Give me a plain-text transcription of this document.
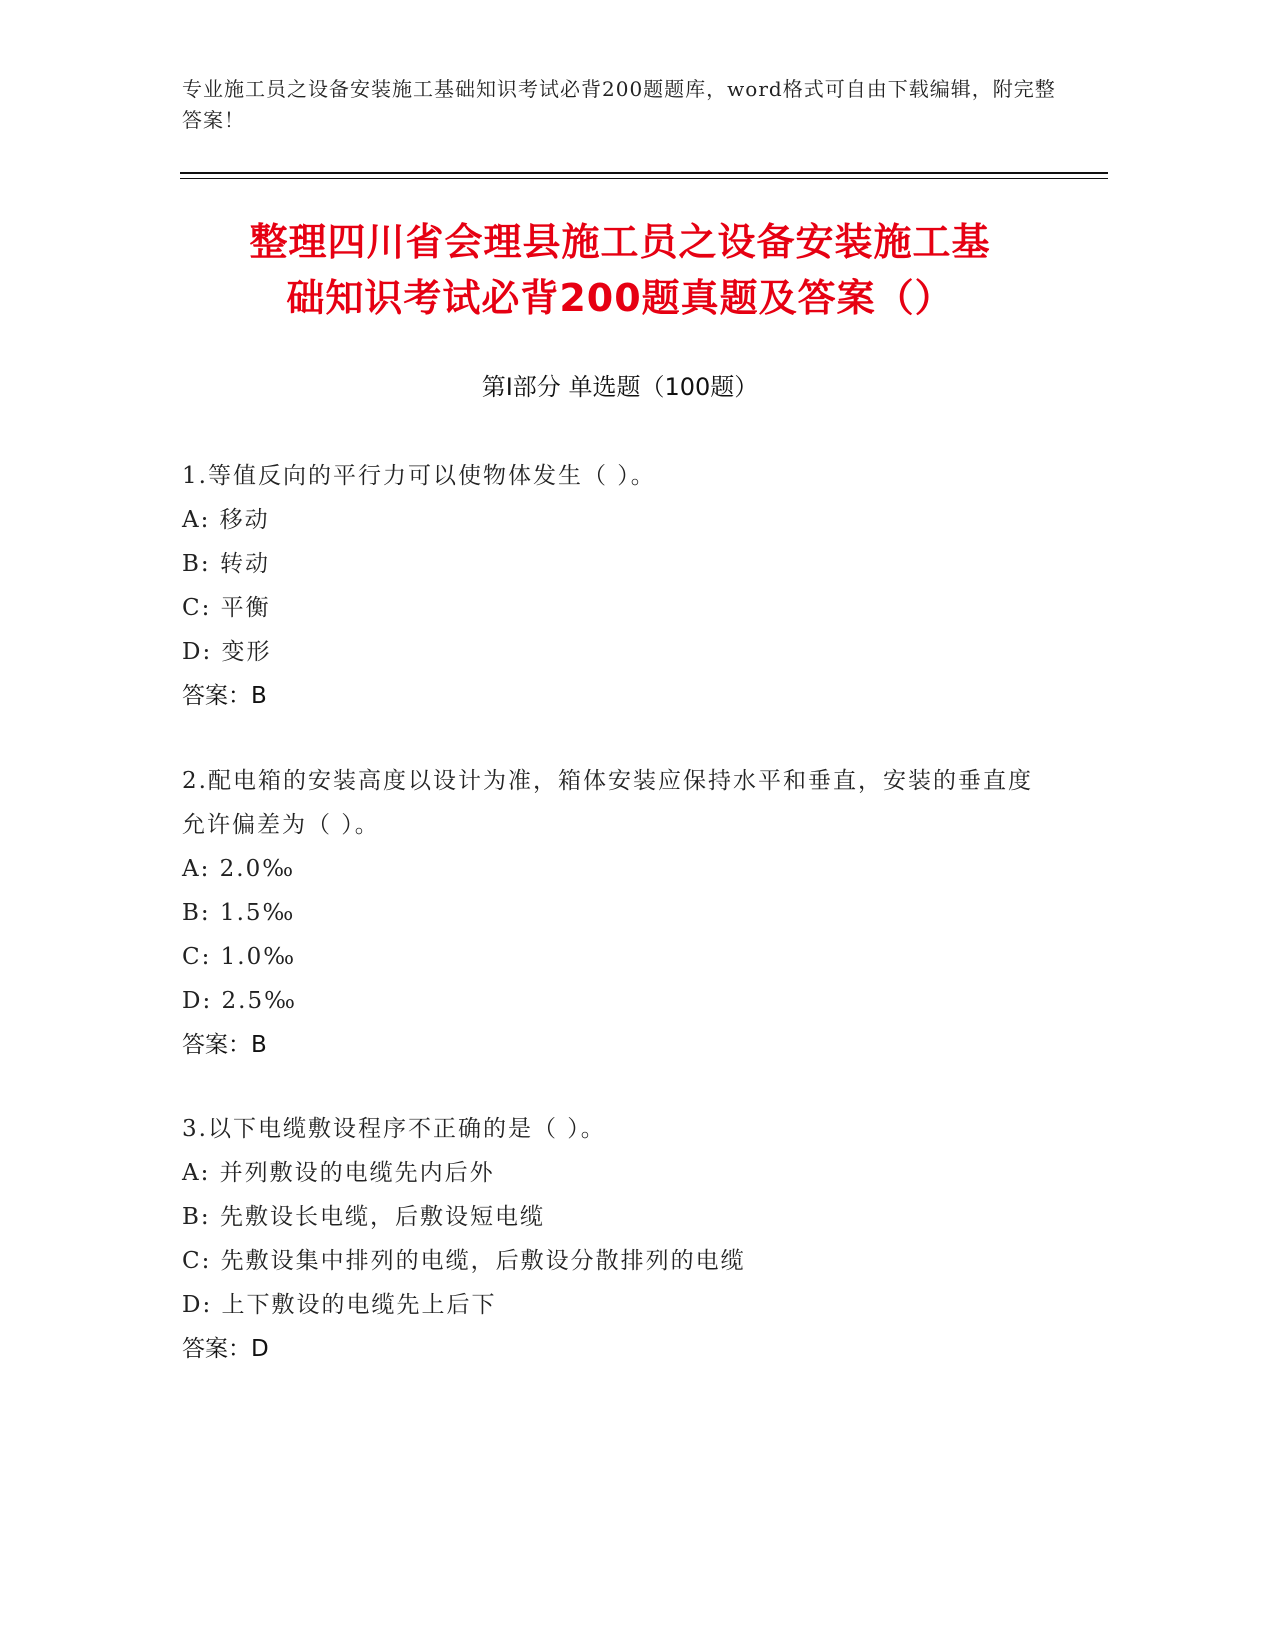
专业施工员之设备安装施工基础知识考试必背200题题库，word格式可自由下载编辑，附完整答案！
整理四川省会理县施工员之设备安装施工基
础知识考试必背200题真题及答案（）
第Ⅰ部分 单选题（100题）
1.等值反向的平行力可以使物体发生（ ）。
A: 移动
B: 转动
C: 平衡
D: 变形
答案：B
2.配电箱的安装高度以设计为准，箱体安装应保持水平和垂直，安装的垂直度允许偏差为（ ）。
A: 2.0‰
B: 1.5‰
C: 1.0‰
D: 2.5‰
答案：B
3.以下电缆敷设程序不正确的是（ ）。
A: 并列敷设的电缆先内后外
B: 先敷设长电缆，后敷设短电缆
C: 先敷设集中排列的电缆，后敷设分散排列的电缆
D: 上下敷设的电缆先上后下
答案：D
